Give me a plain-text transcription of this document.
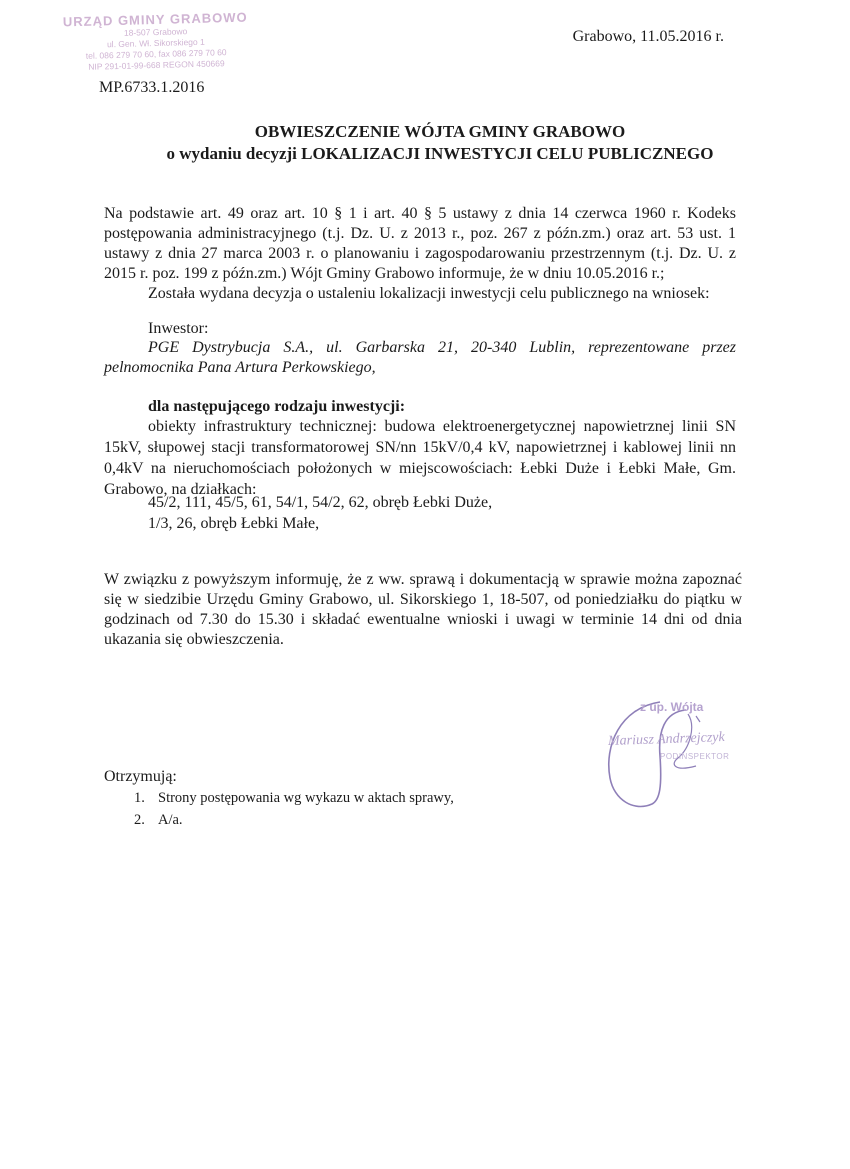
URZĄD GMINY GRABOWO
18-507 Grabowo
ul. Gen. Wł. Sikorskiego 1
tel. 086 279 70 60, fax 086 279 70 60
NIP 291-01-99-668 REGON 450669
Grabowo, 11.05.2016 r.
MP.6733.1.2016
OBWIESZCZENIE WÓJTA GMINY GRABOWO
o wydaniu decyzji LOKALIZACJI INWESTYCJI CELU PUBLICZNEGO
Na podstawie art. 49 oraz art. 10 § 1 i art. 40 § 5 ustawy z dnia 14 czerwca 1960 r. Kodeks postępowania administracyjnego (t.j. Dz. U. z 2013 r., poz. 267 z późn.zm.) oraz art. 53 ust. 1 ustawy z dnia 27 marca 2003 r. o planowaniu i zagospodarowaniu przestrzennym (t.j. Dz. U. z 2015 r. poz. 199 z późn.zm.) Wójt Gminy Grabowo informuje, że w dniu 10.05.2016 r.;
Została wydana decyzja o ustaleniu lokalizacji inwestycji celu publicznego na wniosek:
Inwestor:
PGE Dystrybucja S.A., ul. Garbarska 21, 20-340 Lublin, reprezentowane przez pelnomocnika Pana Artura Perkowskiego,
dla następującego rodzaju inwestycji:
obiekty infrastruktury technicznej: budowa elektroenergetycznej napowietrznej linii SN 15kV, słupowej stacji transformatorowej SN/nn 15kV/0,4 kV, napowietrznej i kablowej linii nn 0,4kV na nieruchomościach położonych w miejscowościach: Łebki Duże i Łebki Małe, Gm. Grabowo, na działkach:
45/2, 111, 45/5, 61, 54/1, 54/2, 62, obręb Łebki Duże,
1/3, 26, obręb Łebki Małe,
W związku z powyższym informuję, że z ww. sprawą i dokumentacją w sprawie można zapoznać się w siedzibie Urzędu Gminy Grabowo, ul. Sikorskiego 1, 18-507, od poniedziałku do piątku w godzinach od 7.30 do 15.30 i składać ewentualne wnioski i uwagi w terminie 14 dni od dnia ukazania się obwieszczenia.
z up. Wójta
Mariusz Andrzejczyk
PODINSPEKTOR
Otrzymują:
1. Strony postępowania wg wykazu w aktach sprawy,
2. A/a.
